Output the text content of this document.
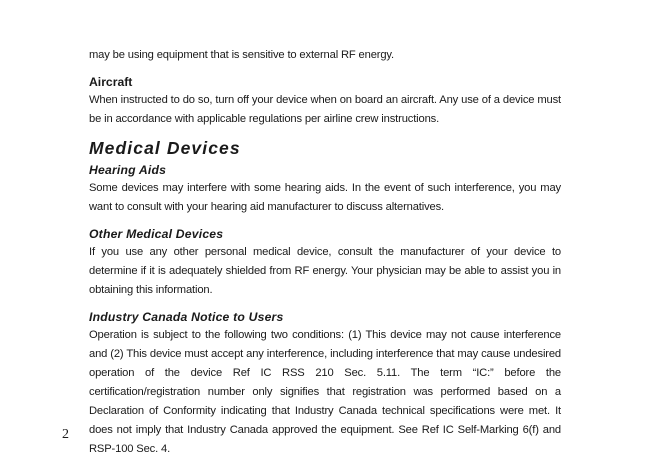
may be using equipment that is sensitive to external RF energy.

Aircraft

When instructed to do so, turn off your device when on board an aircraft. Any use of a device must be in accordance with applicable regulations per airline crew instructions.

Medical Devices
Hearing Aids

Some devices may interfere with some hearing aids. In the event of such interference, you may want to consult with your hearing aid manufacturer to discuss alternatives.

Other Medical Devices

If you use any other personal medical device, consult the manufacturer of your device to determine if it is adequately shielded from RF energy. Your physician may be able to assist you in obtaining this information.

Industry Canada Notice to Users

Operation is subject to the following two conditions: (1) This device may not cause interference and (2) This device must accept any interference, including interference that may cause undesired operation of the device Ref IC RSS 210 Sec. 5.11. The term “IC:” before the certification/registration number only signifies that registration was performed based on a Declaration of Conformity indicating that Industry Canada technical specifications were met. It does not imply that Industry Canada approved the equipment. See Ref IC Self-Marking 6(f) and RSP-100 Sec. 4.

2
